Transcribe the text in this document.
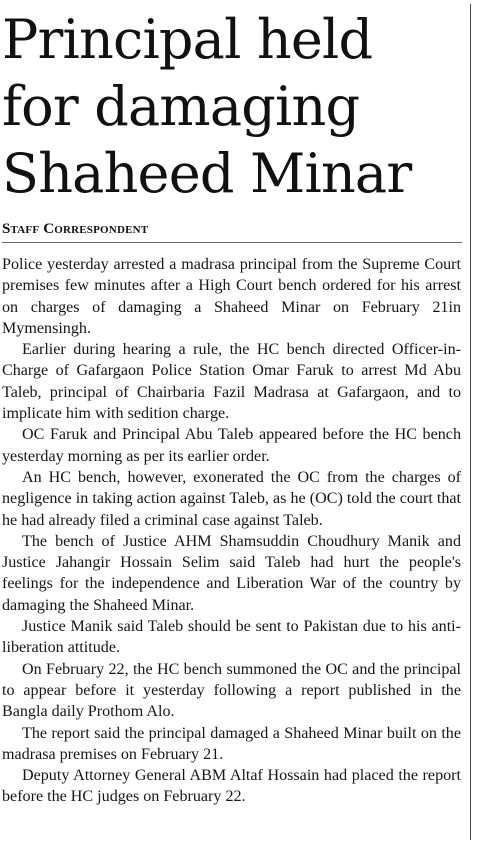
Principal held
for damaging
Shaheed Minar
Staff Correspondent

Police yesterday arrested a madrasa principal from the Supreme Court premises few minutes after a High Court bench ordered for his arrest on charges of damaging a Shaheed Minar on February 21in Mymensingh.

Earlier during hearing a rule, the HC bench directed Officer-in-Charge of Gafargaon Police Station Omar Faruk to arrest Md Abu Taleb, principal of Chairbaria Fazil Madrasa at Gafargaon, and to implicate him with sedition charge.

OC Faruk and Principal Abu Taleb appeared before the HC bench yesterday morning as per its earlier order.

An HC bench, however, exonerated the OC from the charges of negligence in taking action against Taleb, as he (OC) told the court that he had already filed a criminal case against Taleb.

The bench of Justice AHM Shamsuddin Choudhury Manik and Justice Jahangir Hossain Selim said Taleb had hurt the people's feelings for the independence and Liberation War of the country by damaging the Shaheed Minar.

Justice Manik said Taleb should be sent to Pakistan due to his anti-liberation attitude.

On February 22, the HC bench summoned the OC and the principal to appear before it yesterday following a report published in the Bangla daily Prothom Alo.

The report said the principal damaged a Shaheed Minar built on the madrasa premises on February 21.

Deputy Attorney General ABM Altaf Hossain had placed the report before the HC judges on February 22.
